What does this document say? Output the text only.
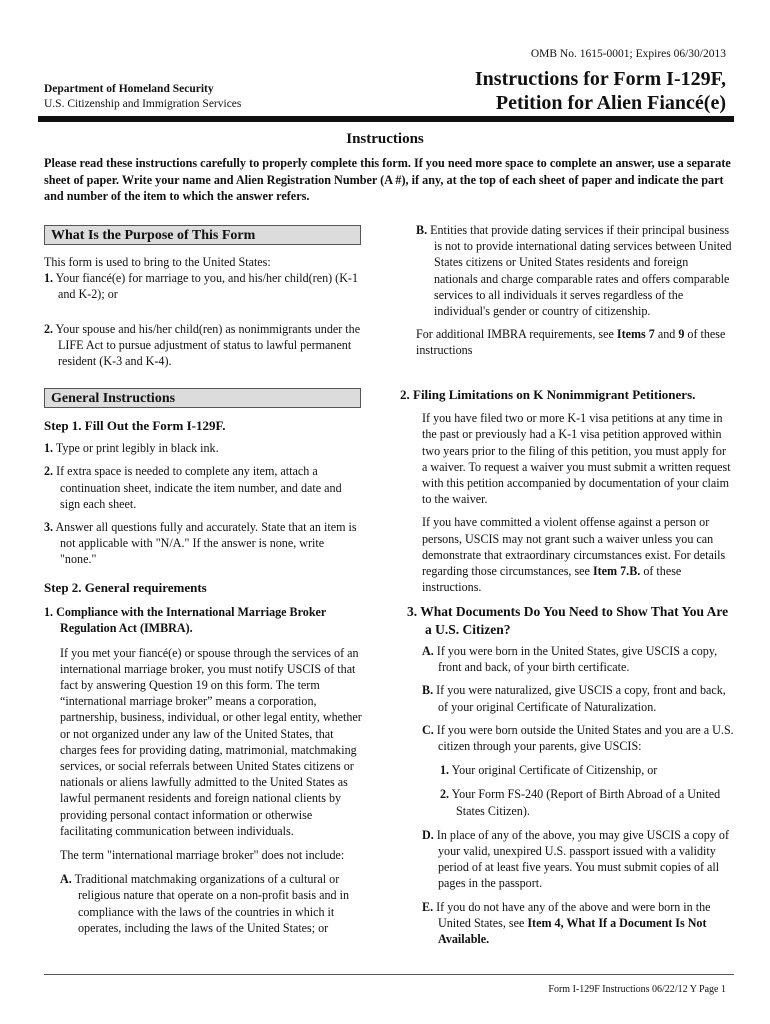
OMB No. 1615-0001; Expires 06/30/2013
Department of Homeland Security
U.S. Citizenship and Immigration Services
Instructions for Form I-129F,
Petition for Alien Fiancé(e)
Instructions
Please read these instructions carefully to properly complete this form. If you need more space to complete an answer, use a separate sheet of paper. Write your name and Alien Registration Number (A #), if any, at the top of each sheet of paper and indicate the part and number of the item to which the answer refers.
What Is the Purpose of This Form

This form is used to bring to the United States:

1. Your fiancé(e) for marriage to you, and his/her child(ren) (K-1 and K-2); or

2. Your spouse and his/her child(ren) as nonimmigrants under the LIFE Act to pursue adjustment of status to lawful permanent resident (K-3 and K-4).

General Instructions

Step 1. Fill Out the Form I-129F.

1. Type or print legibly in black ink.

2. If extra space is needed to complete any item, attach a continuation sheet, indicate the item number, and date and sign each sheet.

3. Answer all questions fully and accurately. State that an item is not applicable with "N/A." If the answer is none, write "none."

Step 2. General requirements

1. Compliance with the International Marriage Broker Regulation Act (IMBRA).

If you met your fiancé(e) or spouse through the services of an international marriage broker, you must notify USCIS of that fact by answering Question 19 on this form. The term “international marriage broker” means a corporation, partnership, business, individual, or other legal entity, whether or not organized under any law of the United States, that charges fees for providing dating, matrimonial, matchmaking services, or social referrals between United States citizens or nationals or aliens lawfully admitted to the United States as lawful permanent residents and foreign national clients by providing personal contact information or otherwise facilitating communication between individuals.

The term "international marriage broker" does not include:

A. Traditional matchmaking organizations of a cultural or religious nature that operate on a non-profit basis and in compliance with the laws of the countries in which it operates, including the laws of the United States; or

B. Entities that provide dating services if their principal business is not to provide international dating services between United States citizens or United States residents and foreign nationals and charge comparable rates and offers comparable services to all individuals it serves regardless of the individual's gender or country of citizenship.

For additional IMBRA requirements, see Items 7 and 9 of these instructions

2. Filing Limitations on K Nonimmigrant Petitioners.

If you have filed two or more K-1 visa petitions at any time in the past or previously had a K-1 visa petition approved within two years prior to the filing of this petition, you must apply for a waiver. To request a waiver you must submit a written request with this petition accompanied by documentation of your claim to the waiver.

If you have committed a violent offense against a person or persons, USCIS may not grant such a waiver unless you can demonstrate that extraordinary circumstances exist. For details regarding those circumstances, see Item 7.B. of these instructions.

3. What Documents Do You Need to Show That You Are a U.S. Citizen?

A. If you were born in the United States, give USCIS a copy, front and back, of your birth certificate.

B. If you were naturalized, give USCIS a copy, front and back, of your original Certificate of Naturalization.

C. If you were born outside the United States and you are a U.S. citizen through your parents, give USCIS:

1. Your original Certificate of Citizenship, or

2. Your Form FS-240 (Report of Birth Abroad of a United States Citizen).

D. In place of any of the above, you may give USCIS a copy of your valid, unexpired U.S. passport issued with a validity period of at least five years. You must submit copies of all pages in the passport.

E. If you do not have any of the above and were born in the United States, see Item 4, What If a Document Is Not Available.

Form I-129F Instructions 06/22/12 Y Page 1
